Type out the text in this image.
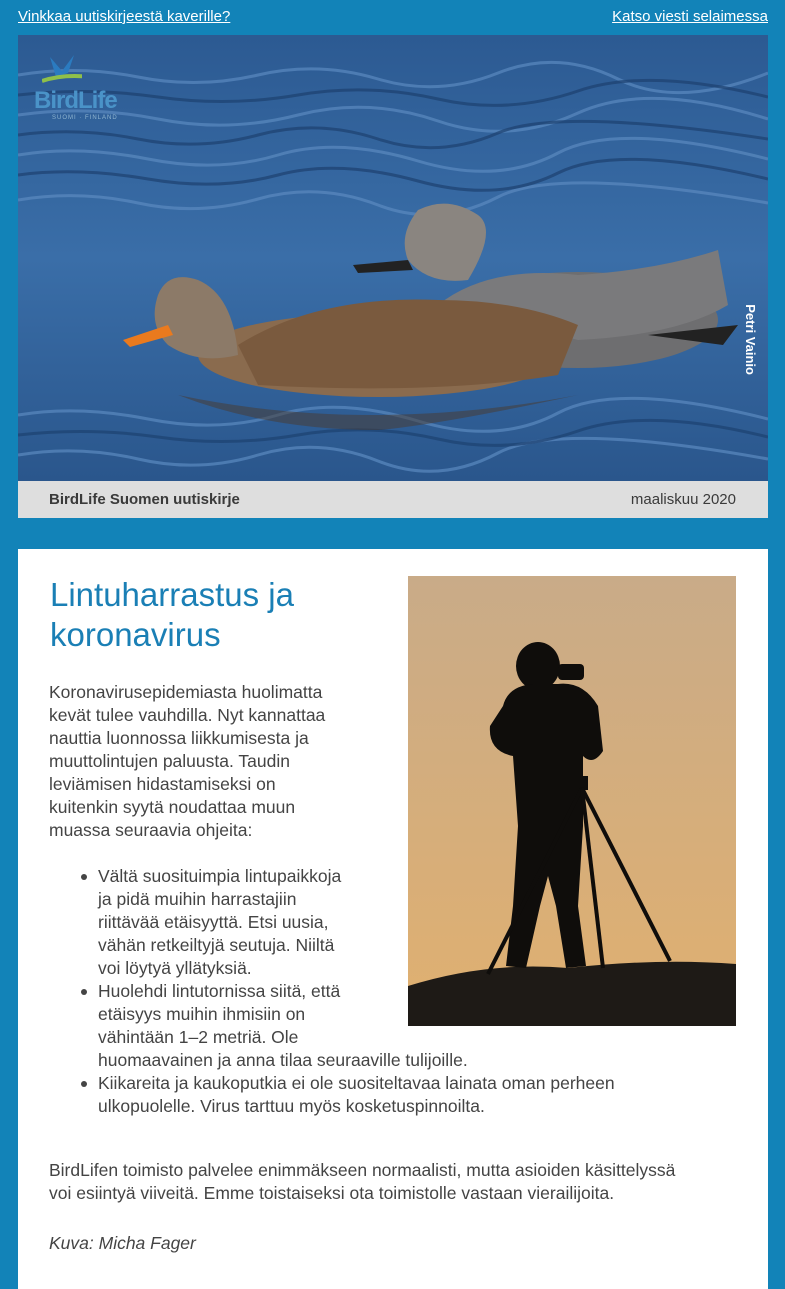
Vinkkaa uutiskirjeestä kaverille?	Katso viesti selaimessa
BirdLife
SUOMI · FINLAND
Petri Vainio
BirdLife Suomen uutiskirje	maaliskuu 2020
Lintuharrastus ja
koronavirus

Koronavirusepidemiasta huolimatta
kevät tulee vauhdilla. Nyt kannattaa
nauttia luonnossa liikkumisesta ja
muuttolintujen paluusta. Taudin
leviämisen hidastamiseksi on
kuitenkin syytä noudattaa muun
muassa seuraavia ohjeita:

Vältä suosituimpia lintupaikkoja
ja pidä muihin harrastajiin
riittävää etäisyyttä. Etsi uusia,
vähän retkeiltyjä seutuja. Niiltä
voi löytyä yllätyksiä.
Huolehdi lintutornissa siitä, että
etäisyys muihin ihmisiin on
vähintään 1–2 metriä. Ole
huomaavainen ja anna tilaa seuraaville tulijoille.
Kiikareita ja kaukoputkia ei ole suositeltavaa lainata oman perheen
ulkopuolelle. Virus tarttuu myös kosketuspinnoilta.

BirdLifen toimisto palvelee enimmäkseen normaalisti, mutta asioiden käsittelyssä
voi esiintyä viiveitä. Emme toistaiseksi ota toimistolle vastaan vierailijoita.

Kuva: Micha Fager
